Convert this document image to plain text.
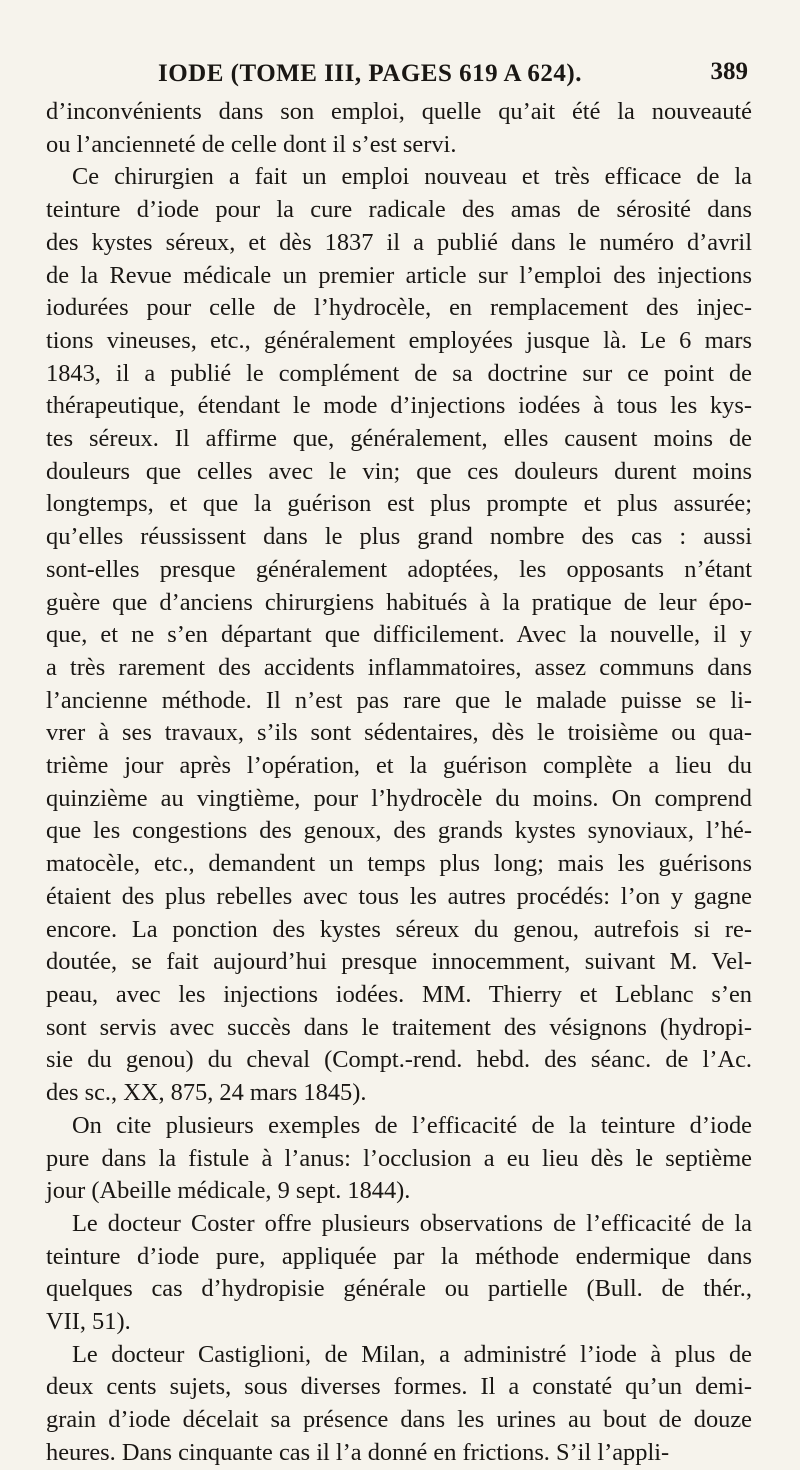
IODE (TOME III, PAGES 619 A 624).	389
d’inconvénients dans son emploi, quelle qu’ait été la nouveauté
ou l’ancienneté de celle dont il s’est servi.
Ce chirurgien a fait un emploi nouveau et très efficace de la
teinture d’iode pour la cure radicale des amas de sérosité dans
des kystes séreux, et dès 1837 il a publié dans le numéro d’avril
de la Revue médicale un premier article sur l’emploi des injections
iodurées pour celle de l’hydrocèle, en remplacement des injec-
tions vineuses, etc., généralement employées jusque là. Le 6 mars
1843, il a publié le complément de sa doctrine sur ce point de
thérapeutique, étendant le mode d’injections iodées à tous les kys-
tes séreux. Il affirme que, généralement, elles causent moins de
douleurs que celles avec le vin; que ces douleurs durent moins
longtemps, et que la guérison est plus prompte et plus assurée;
qu’elles réussissent dans le plus grand nombre des cas : aussi
sont-elles presque généralement adoptées, les opposants n’étant
guère que d’anciens chirurgiens habitués à la pratique de leur épo-
que, et ne s’en départant que difficilement. Avec la nouvelle, il y
a très rarement des accidents inflammatoires, assez communs dans
l’ancienne méthode. Il n’est pas rare que le malade puisse se li-
vrer à ses travaux, s’ils sont sédentaires, dès le troisième ou qua-
trième jour après l’opération, et la guérison complète a lieu du
quinzième au vingtième, pour l’hydrocèle du moins. On comprend
que les congestions des genoux, des grands kystes synoviaux, l’hé-
matocèle, etc., demandent un temps plus long; mais les guérisons
étaient des plus rebelles avec tous les autres procédés: l’on y gagne
encore. La ponction des kystes séreux du genou, autrefois si re-
doutée, se fait aujourd’hui presque innocemment, suivant M. Vel-
peau, avec les injections iodées. MM. Thierry et Leblanc s’en
sont servis avec succès dans le traitement des vésignons (hydropi-
sie du genou) du cheval (Compt.-rend. hebd. des séanc. de l’Ac.
des sc., XX, 875, 24 mars 1845).
On cite plusieurs exemples de l’efficacité de la teinture d’iode
pure dans la fistule à l’anus: l’occlusion a eu lieu dès le septième
jour (Abeille médicale, 9 sept. 1844).
Le docteur Coster offre plusieurs observations de l’efficacité de la
teinture d’iode pure, appliquée par la méthode endermique dans
quelques cas d’hydropisie générale ou partielle (Bull. de thér.,
VII, 51).
Le docteur Castiglioni, de Milan, a administré l’iode à plus de
deux cents sujets, sous diverses formes. Il a constaté qu’un demi-
grain d’iode décelait sa présence dans les urines au bout de douze
heures. Dans cinquante cas il l’a donné en frictions. S’il l’appli-
